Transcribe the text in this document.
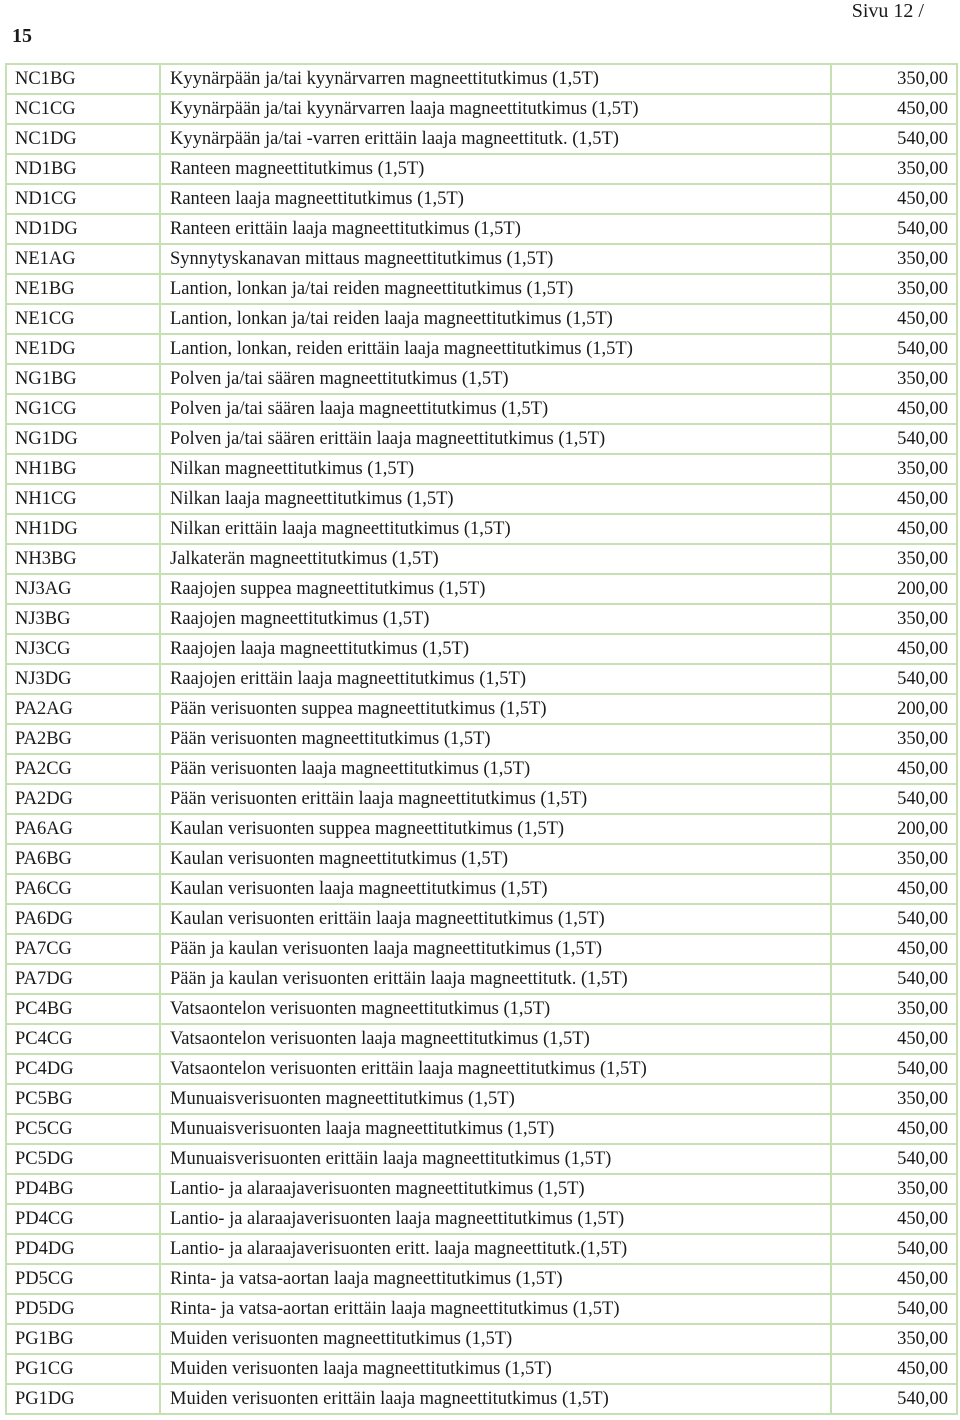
15
Sivu 12 /
NC1BG	Kyynärpään ja/tai kyynärvarren magneettitutkimus (1,5T)	350,00
NC1CG	Kyynärpään ja/tai kyynärvarren laaja magneettitutkimus (1,5T)	450,00
NC1DG	Kyynärpään ja/tai -varren erittäin laaja magneettitutk. (1,5T)	540,00
ND1BG	Ranteen magneettitutkimus (1,5T)	350,00
ND1CG	Ranteen laaja magneettitutkimus (1,5T)	450,00
ND1DG	Ranteen erittäin laaja magneettitutkimus (1,5T)	540,00
NE1AG	Synnytyskanavan mittaus magneettitutkimus (1,5T)	350,00
NE1BG	Lantion, lonkan ja/tai reiden magneettitutkimus (1,5T)	350,00
NE1CG	Lantion, lonkan ja/tai reiden laaja magneettitutkimus (1,5T)	450,00
NE1DG	Lantion, lonkan, reiden erittäin laaja magneettitutkimus (1,5T)	540,00
NG1BG	Polven ja/tai säären magneettitutkimus (1,5T)	350,00
NG1CG	Polven ja/tai säären laaja magneettitutkimus (1,5T)	450,00
NG1DG	Polven ja/tai säären erittäin laaja magneettitutkimus (1,5T)	540,00
NH1BG	Nilkan magneettitutkimus (1,5T)	350,00
NH1CG	Nilkan laaja magneettitutkimus (1,5T)	450,00
NH1DG	Nilkan erittäin laaja magneettitutkimus (1,5T)	450,00
NH3BG	Jalkaterän magneettitutkimus (1,5T)	350,00
NJ3AG	Raajojen suppea magneettitutkimus (1,5T)	200,00
NJ3BG	Raajojen magneettitutkimus (1,5T)	350,00
NJ3CG	Raajojen laaja magneettitutkimus (1,5T)	450,00
NJ3DG	Raajojen erittäin laaja magneettitutkimus (1,5T)	540,00
PA2AG	Pään verisuonten suppea magneettitutkimus (1,5T)	200,00
PA2BG	Pään verisuonten magneettitutkimus (1,5T)	350,00
PA2CG	Pään verisuonten laaja magneettitutkimus (1,5T)	450,00
PA2DG	Pään verisuonten erittäin laaja magneettitutkimus (1,5T)	540,00
PA6AG	Kaulan verisuonten suppea magneettitutkimus (1,5T)	200,00
PA6BG	Kaulan verisuonten magneettitutkimus (1,5T)	350,00
PA6CG	Kaulan verisuonten laaja magneettitutkimus (1,5T)	450,00
PA6DG	Kaulan verisuonten erittäin laaja magneettitutkimus (1,5T)	540,00
PA7CG	Pään ja kaulan verisuonten laaja magneettitutkimus (1,5T)	450,00
PA7DG	Pään ja kaulan verisuonten erittäin laaja magneettitutk. (1,5T)	540,00
PC4BG	Vatsaontelon verisuonten magneettitutkimus (1,5T)	350,00
PC4CG	Vatsaontelon verisuonten laaja magneettitutkimus (1,5T)	450,00
PC4DG	Vatsaontelon verisuonten erittäin laaja magneettitutkimus (1,5T)	540,00
PC5BG	Munuaisverisuonten magneettitutkimus (1,5T)	350,00
PC5CG	Munuaisverisuonten laaja magneettitutkimus (1,5T)	450,00
PC5DG	Munuaisverisuonten erittäin laaja magneettitutkimus (1,5T)	540,00
PD4BG	Lantio- ja alaraajaverisuonten magneettitutkimus (1,5T)	350,00
PD4CG	Lantio- ja alaraajaverisuonten laaja magneettitutkimus (1,5T)	450,00
PD4DG	Lantio- ja alaraajaverisuonten eritt. laaja magneettitutk.(1,5T)	540,00
PD5CG	Rinta- ja vatsa-aortan laaja magneettitutkimus (1,5T)	450,00
PD5DG	Rinta- ja vatsa-aortan erittäin laaja magneettitutkimus (1,5T)	540,00
PG1BG	Muiden verisuonten magneettitutkimus (1,5T)	350,00
PG1CG	Muiden verisuonten laaja magneettitutkimus (1,5T)	450,00
PG1DG	Muiden verisuonten erittäin laaja magneettitutkimus (1,5T)	540,00
